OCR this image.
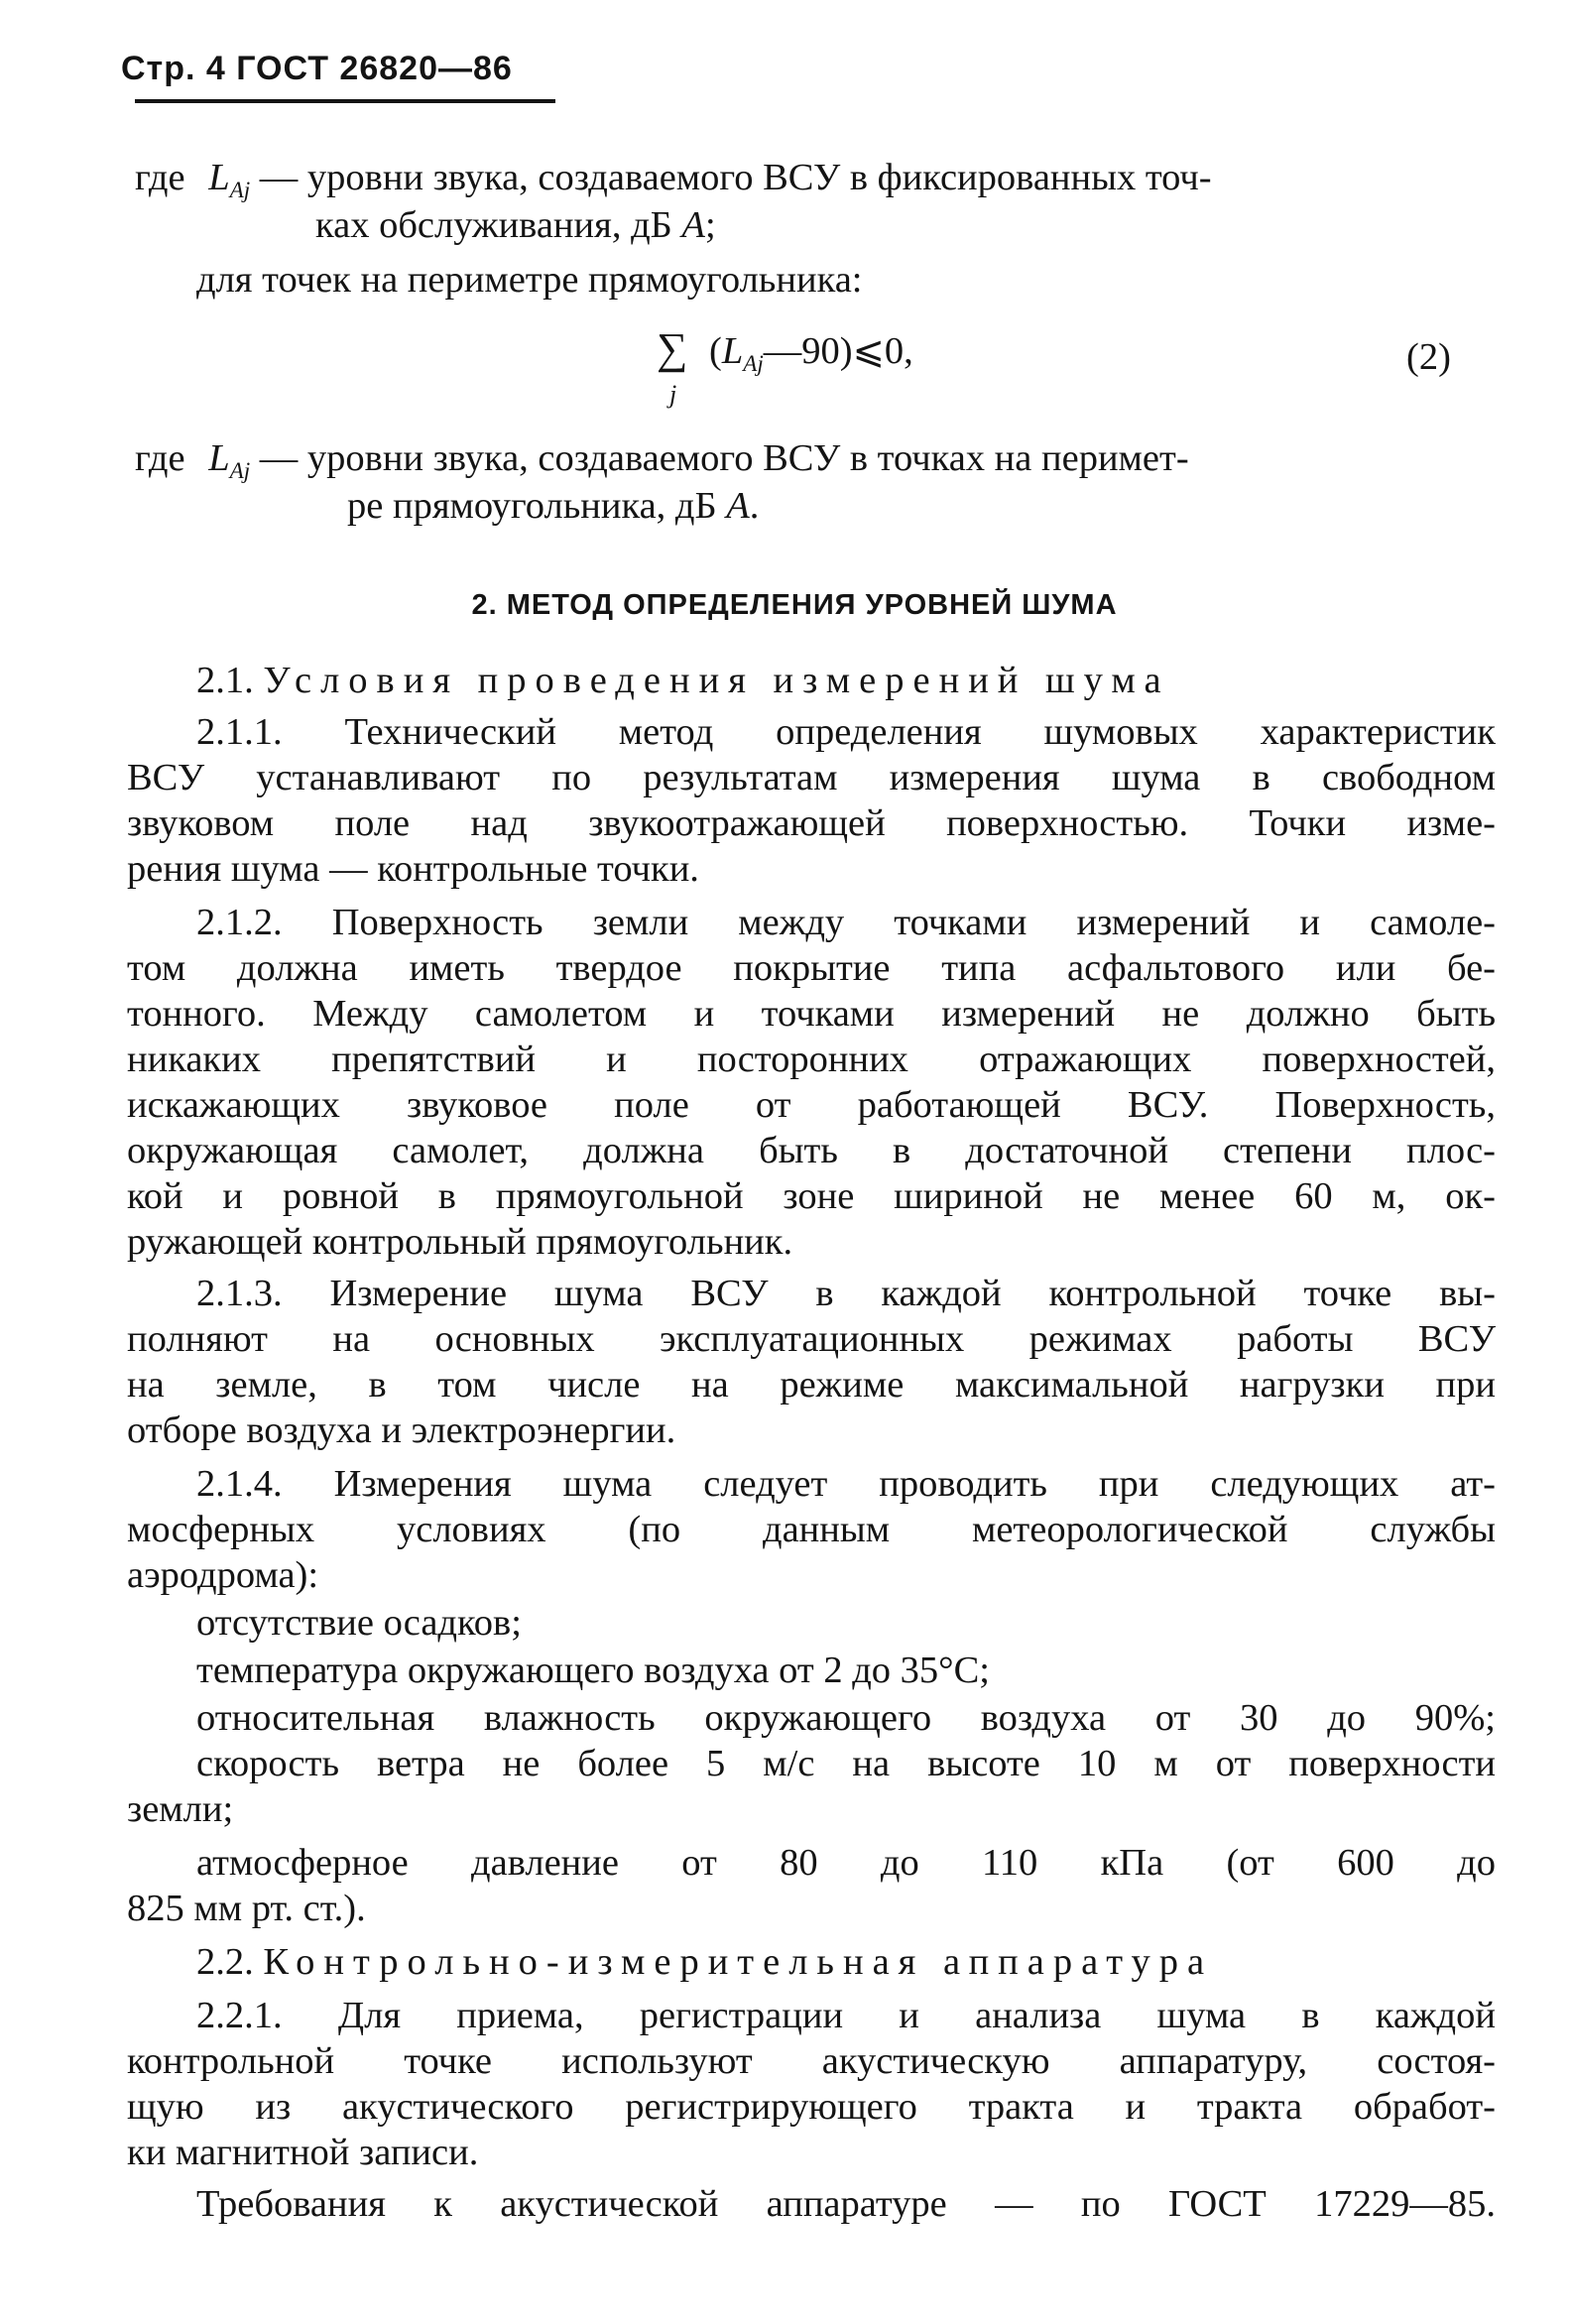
Стр. 4 ГОСТ 26820—86
где $L_{Aj}$ — уровни звука, создаваемого ВСУ в фиксированных точ-
ках обслуживания, дБ A;
для точек на периметре прямоугольника:
∑
j
$(L_{Aj}—90)⩽0$,	(2)
где $L_{Aj}$ — уровни звука, создаваемого ВСУ в точках на перимет-
ре прямоугольника, дБ A.
2. МЕТОД ОПРЕДЕЛЕНИЯ УРОВНЕЙ ШУМА
2.1. Условия проведения измерений шума
2.1.1. Технический метод определения шумовых характеристик
ВСУ устанавливают по результатам измерения шума в свободном
звуковом поле над звукоотражающей поверхностью. Точки изме-
рения шума — контрольные точки.
2.1.2. Поверхность земли между точками измерений и самоле-
том должна иметь твердое покрытие типа асфальтового или бе-
тонного. Между самолетом и точками измерений не должно быть
никаких препятствий и посторонних отражающих поверхностей,
искажающих звуковое поле от работающей ВСУ. Поверхность,
окружающая самолет, должна быть в достаточной степени плос-
кой и ровной в прямоугольной зоне шириной не менее 60 м, ок-
ружающей контрольный прямоугольник.
2.1.3. Измерение шума ВСУ в каждой контрольной точке вы-
полняют на основных эксплуатационных режимах работы ВСУ
на земле, в том числе на режиме максимальной нагрузки при
отборе воздуха и электроэнергии.
2.1.4. Измерения шума следует проводить при следующих ат-
мосферных условиях (по данным метеорологической службы
аэродрома):
отсутствие осадков;
температура окружающего воздуха от 2 до 35°С;
относительная влажность окружающего воздуха от 30 до 90%;
скорость ветра не более 5 м/с на высоте 10 м от поверхности
земли;
атмосферное давление от 80 до 110 кПа (от 600 до
825 мм рт. ст.).
2.2. Контрольно-измерительная аппаратура
2.2.1. Для приема, регистрации и анализа шума в каждой
контрольной точке используют акустическую аппаратуру, состоя-
щую из акустического регистрирующего тракта и тракта обработ-
ки магнитной записи.
Требования к акустической аппаратуре — по ГОСТ 17229—85.
